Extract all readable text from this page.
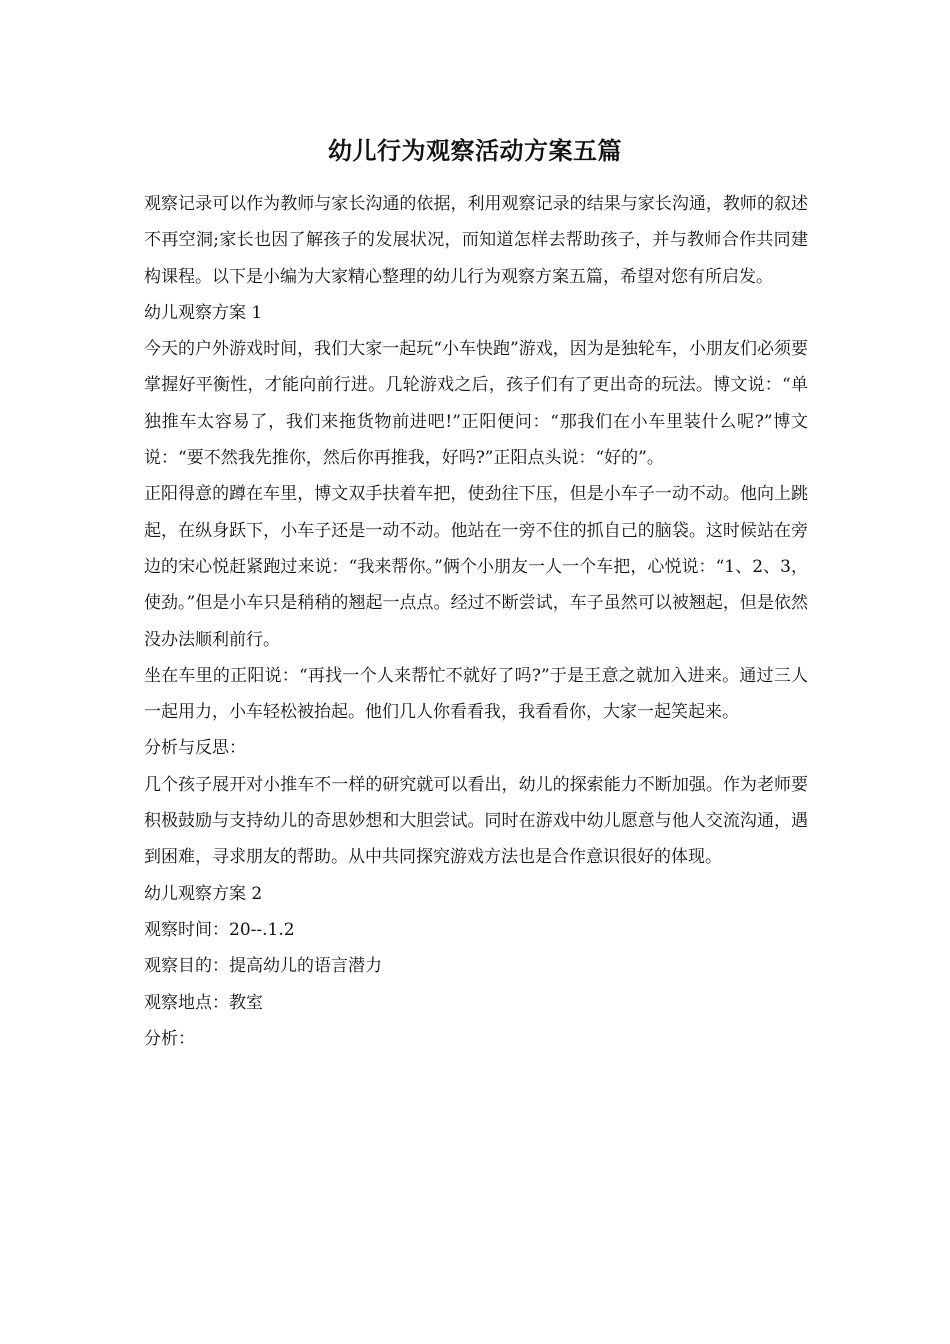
幼儿行为观察活动方案五篇

观察记录可以作为教师与家长沟通的依据，利用观察记录的结果与家长沟通，教师的叙述不再空洞;家长也因了解孩子的发展状况，而知道怎样去帮助孩子，并与教师合作共同建构课程。以下是小编为大家精心整理的幼儿行为观察方案五篇，希望对您有所启发。

幼儿观察方案 1

今天的户外游戏时间，我们大家一起玩“小车快跑”游戏，因为是独轮车，小朋友们必须要掌握好平衡性，才能向前行进。几轮游戏之后，孩子们有了更出奇的玩法。博文说：“单独推车太容易了，我们来拖货物前进吧!”正阳便问：“那我们在小车里装什么呢?”博文说：“要不然我先推你，然后你再推我，好吗?”正阳点头说：“好的”。

正阳得意的蹲在车里，博文双手扶着车把，使劲往下压，但是小车子一动不动。他向上跳起，在纵身跃下，小车子还是一动不动。他站在一旁不住的抓自己的脑袋。这时候站在旁边的宋心悦赶紧跑过来说：“我来帮你。”俩个小朋友一人一个车把，心悦说：“1、2、3，使劲。”但是小车只是稍稍的翘起一点点。经过不断尝试，车子虽然可以被翘起，但是依然没办法顺利前行。

坐在车里的正阳说：“再找一个人来帮忙不就好了吗?”于是王意之就加入进来。通过三人一起用力，小车轻松被抬起。他们几人你看看我，我看看你，大家一起笑起来。

分析与反思：

几个孩子展开对小推车不一样的研究就可以看出，幼儿的探索能力不断加强。作为老师要积极鼓励与支持幼儿的奇思妙想和大胆尝试。同时在游戏中幼儿愿意与他人交流沟通，遇到困难，寻求朋友的帮助。从中共同探究游戏方法也是合作意识很好的体现。

幼儿观察方案 2

观察时间：20--.1.2

观察目的：提高幼儿的语言潜力

观察地点：教室

分析：
